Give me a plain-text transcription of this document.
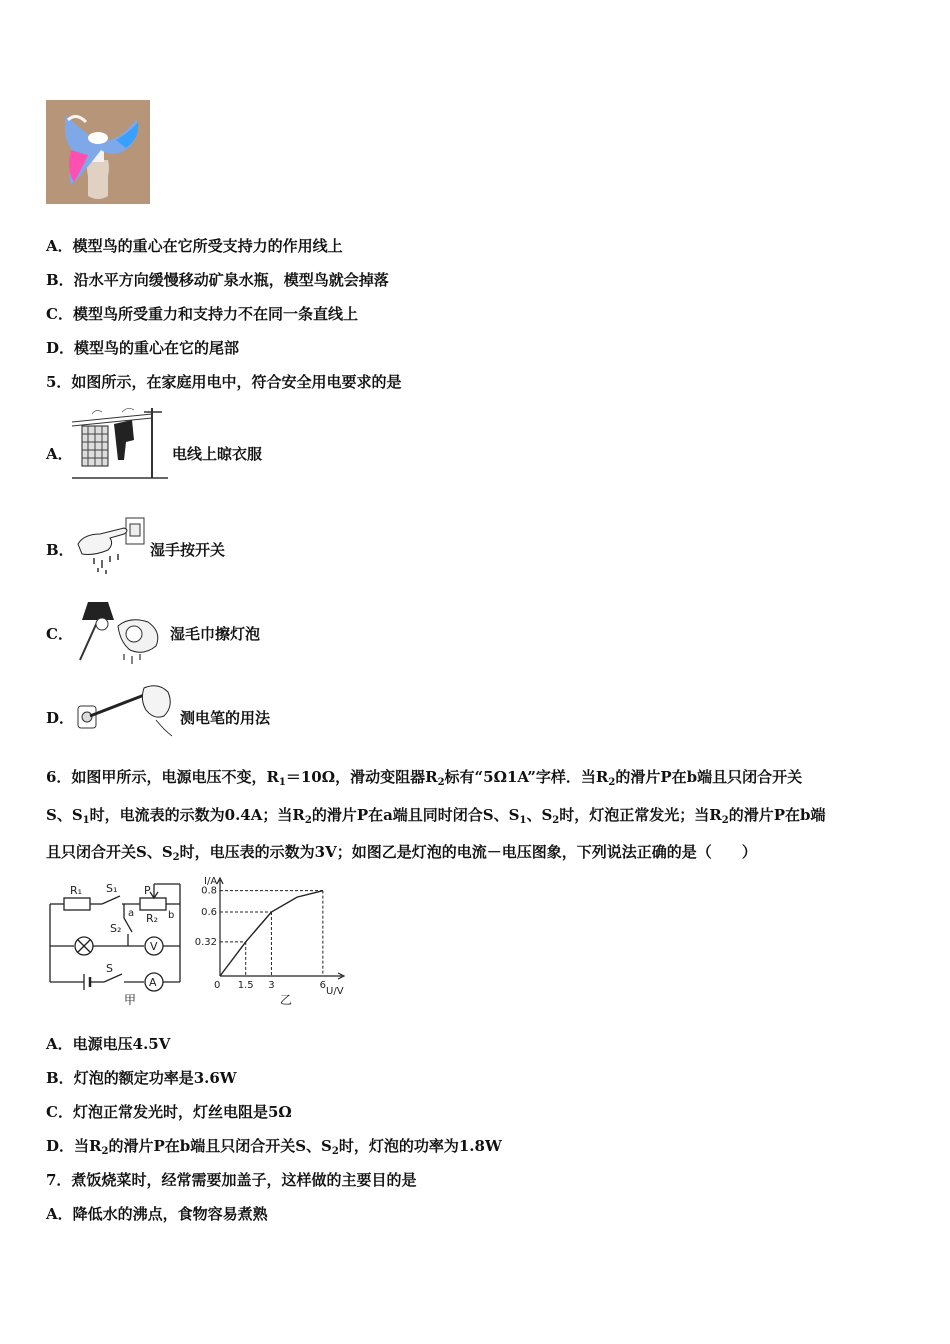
A．模型鸟的重心在它所受支持力的作用线上
B．沿水平方向缓慢移动矿泉水瓶，模型鸟就会掉落
C．模型鸟所受重力和支持力不在同一条直线上
D．模型鸟的重心在它的尾部
5．如图所示，在家庭用电中，符合安全用电要求的是
A．	电线上晾衣服
B．	湿手按开关
C．	湿毛巾擦灯泡
D．	测电笔的用法
6．如图甲所示，电源电压不变，$R_1=10\Omega$，滑动变阻器$R_2$标有“5Ω1A”字样．当$R_2$的滑片P在b端且只闭合开关
S、$S_1$时，电流表的示数为0.4A；当$R_2$的滑片P在a端且同时闭合S、$S_1$、$S_2$时，灯泡正常发光；当$R_2$的滑片P在b端
且只闭合开关S、$S_2$时，电压表的示数为3V；如图乙是灯泡的电流－电压图象，下列说法正确的是（　　）
R₁ S₁ P
R₂
a	b
S₂
V
S
A
甲
I/A
U/V
0 1.5 3	6
0.32
0.6
0.8
乙
A．电源电压4.5V
B．灯泡的额定功率是3.6W
C．灯泡正常发光时，灯丝电阻是5Ω
D．当$R_2$的滑片P在b端且只闭合开关S、$S_2$时，灯泡的功率为1.8W
7．煮饭烧菜时，经常需要加盖子，这样做的主要目的是
A．降低水的沸点，食物容易煮熟
